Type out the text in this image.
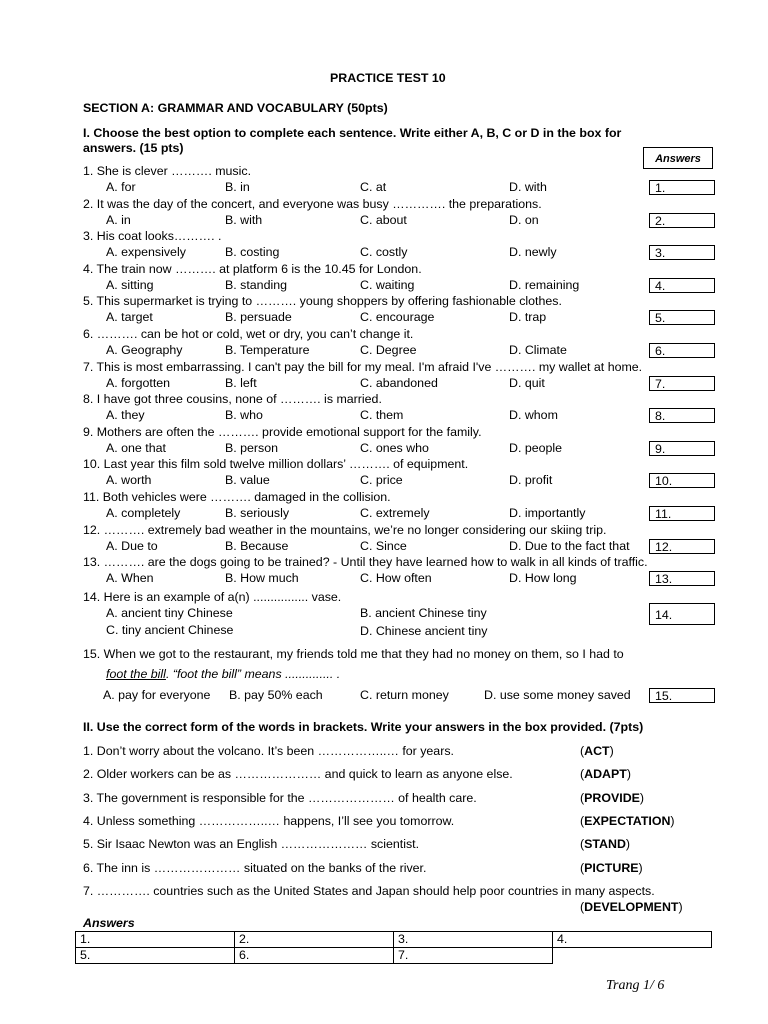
PRACTICE TEST 10
SECTION A: GRAMMAR AND VOCABULARY (50pts)
I. Choose the best option to complete each sentence. Write either A, B, C or D in the box for
answers. (15 pts)
Answers
1. She is clever ………. music.
A. for	B. in	C. at	D. with	1.
2. It was the day of the concert, and everyone was busy …………. the preparations.
A. in	B. with	C. about	D. on	2.
3. His coat looks………. .
A. expensively	B. costing	C. costly	D. newly	3.
4. The train now ………. at platform 6 is the 10.45 for London.
A. sitting	B. standing	C. waiting	D. remaining	4.
5. This supermarket is trying to ………. young shoppers by offering fashionable clothes.
A. target	B. persuade	C. encourage	D. trap	5.
6. ………. can be hot or cold, wet or dry, you can’t change it.
A. Geography	B. Temperature	C. Degree	D. Climate	6.
7. This is most embarrassing. I can't pay the bill for my meal. I'm afraid I've ………. my wallet at home.
A. forgotten	B. left	C. abandoned	D. quit	7.
8. I have got three cousins, none of ………. is married.
A. they	B. who	C. them	D. whom	8.
9. Mothers are often the ………. provide emotional support for the family.
A. one that	B. person	C. ones who	D. people	9.
10. Last year this film sold twelve million dollars’ ………. of equipment.
A. worth	B. value	C. price	D. profit	10.
11. Both vehicles were ………. damaged in the collision.
A. completely	B. seriously	C. extremely	D. importantly	11.
12. ………. extremely bad weather in the mountains, we’re no longer considering our skiing trip.
A. Due to	B. Because	C. Since	D. Due to the fact that	12.
13. ………. are the dogs going to be trained? - Until they have learned how to walk in all kinds of traffic.
A. When	B. How much	C. How often	D. How long	13.
14. Here is an example of a(n) ................ vase.
A. ancient tiny Chinese	B. ancient Chinese tiny
C. tiny ancient Chinese	D. Chinese ancient tiny
14.
15. When we got to the restaurant, my friends told me that they had no money on them, so I had to
foot the bill. “foot the bill” means .............. .
A. pay for everyone B. pay 50% each	C. return money	D. use some money saved	15.
II. Use the correct form of the words in brackets. Write your answers in the box provided. (7pts)
1. Don’t worry about the volcano. It’s been ……………..… for years.	(ACT)
2. Older workers can be as ………………… and quick to learn as anyone else.	(ADAPT)
3. The government is responsible for the ………………… of health care.	(PROVIDE)
4. Unless something ……………..… happens, I’ll see you tomorrow.	(EXPECTATION)
5. Sir Isaac Newton was an English ………………… scientist.	(STAND)
6. The inn is ………………… situated on the banks of the river.	(PICTURE)
7. …………. countries such as the United States and Japan should help poor countries in many aspects.
(DEVELOPMENT)
Answers
1.	2.	3.	4.
5.	6.	7.	
Trang 1/ 6
